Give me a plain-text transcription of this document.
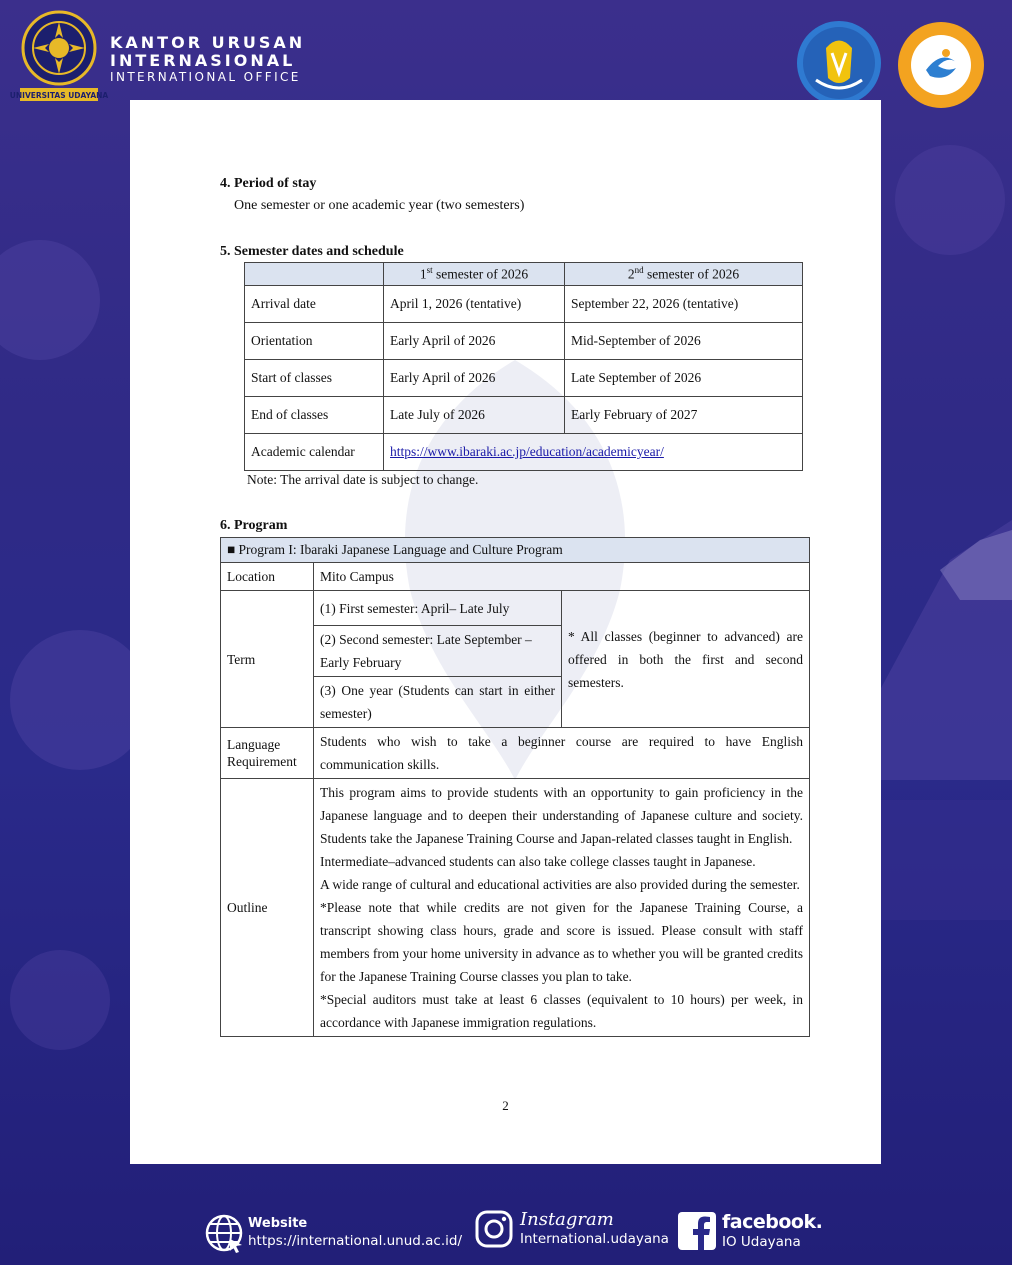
UNIVERSITAS UDAYANA
KANTOR URUSAN
INTERNASIONAL
INTERNATIONAL OFFICE
4. Period of stay
One semester or one academic year (two semesters)
5. Semester dates and schedule
	1st semester of 2026	2nd semester of 2026
Arrival date	April 1, 2026 (tentative)	September 22, 2026 (tentative)
Orientation	Early April of 2026	Mid-September of 2026
Start of classes	Early April of 2026	Late September of 2026
End of classes	Late July of 2026	Early February of 2027
Academic calendar	https://www.ibaraki.ac.jp/education/academicyear/	
Note: The arrival date is subject to change.
6. Program
■ Program I: Ibaraki Japanese Language and Culture Program		
Location	Mito Campus	
Term	(1) First semester: April– Late July	* All classes (beginner to advanced) are offered in both the first and second semesters.
	(2) Second semester: Late September – Early February	
	(3) One year (Students can start in either semester)	
Language Requirement	Students who wish to take a beginner course are required to have English communication skills.	
Outline	This program aims to provide students with an opportunity to gain proficiency in the Japanese language and to deepen their understanding of Japanese culture and society. Students take the Japanese Training Course and Japan-related classes taught in English.
Intermediate–advanced students can also take college classes taught in Japanese.
A wide range of cultural and educational activities are also provided during the semester.
*Please note that while credits are not given for the Japanese Training Course, a transcript showing class hours, grade and score is issued. Please consult with staff members from your home university in advance as to whether you will be granted credits for the Japanese Training Course classes you plan to take.
*Special auditors must take at least 6 classes (equivalent to 10 hours) per week, in accordance with Japanese immigration regulations.	
2
Website
https://international.unud.ac.id/
Instagram
International.udayana
facebook.
IO Udayana
